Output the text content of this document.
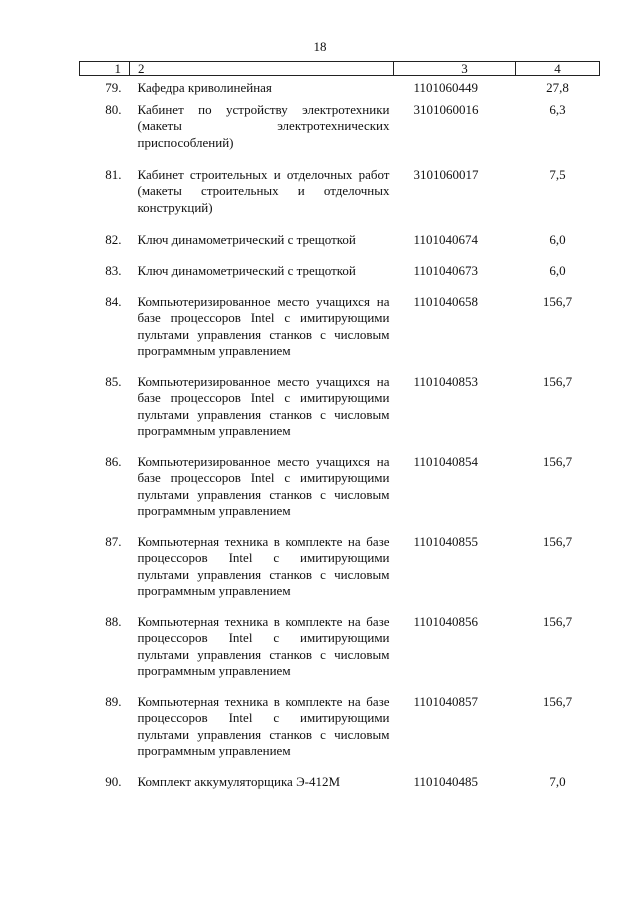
18
1	2	3	4
79.	Кафедра криволинейная	1101060449	27,8
80.	Кабинет по устройству электротехники (макеты электротехнических приспособлений)	3101060016	6,3
81.	Кабинет строительных и отделочных работ (макеты строительных и отделочных конструкций)	3101060017	7,5
82.	Ключ динамометрический с трещоткой	1101040674	6,0
83.	Ключ динамометрический с трещоткой	1101040673	6,0
84.	Компьютеризированное место учащихся на базе процессоров Intel с имитирующими пультами управления станков с числовым программным управлением	1101040658	156,7
85.	Компьютеризированное место учащихся на базе процессоров Intel с имитирующими пультами управления станков с числовым программным управлением	1101040853	156,7
86.	Компьютеризированное место учащихся на базе процессоров Intel с имитирующими пультами управления станков с числовым программным управлением	1101040854	156,7
87.	Компьютерная техника в комплекте на базе процессоров Intel с имитирующими пультами управления станков с числовым программным управлением	1101040855	156,7
88.	Компьютерная техника в комплекте на базе процессоров Intel с имитирующими пультами управления станков с числовым программным управлением	1101040856	156,7
89.	Компьютерная техника в комплекте на базе процессоров Intel с имитирующими пультами управления станков с числовым программным управлением	1101040857	156,7
90.	Комплект аккумуляторщика Э-412М	1101040485	7,0
